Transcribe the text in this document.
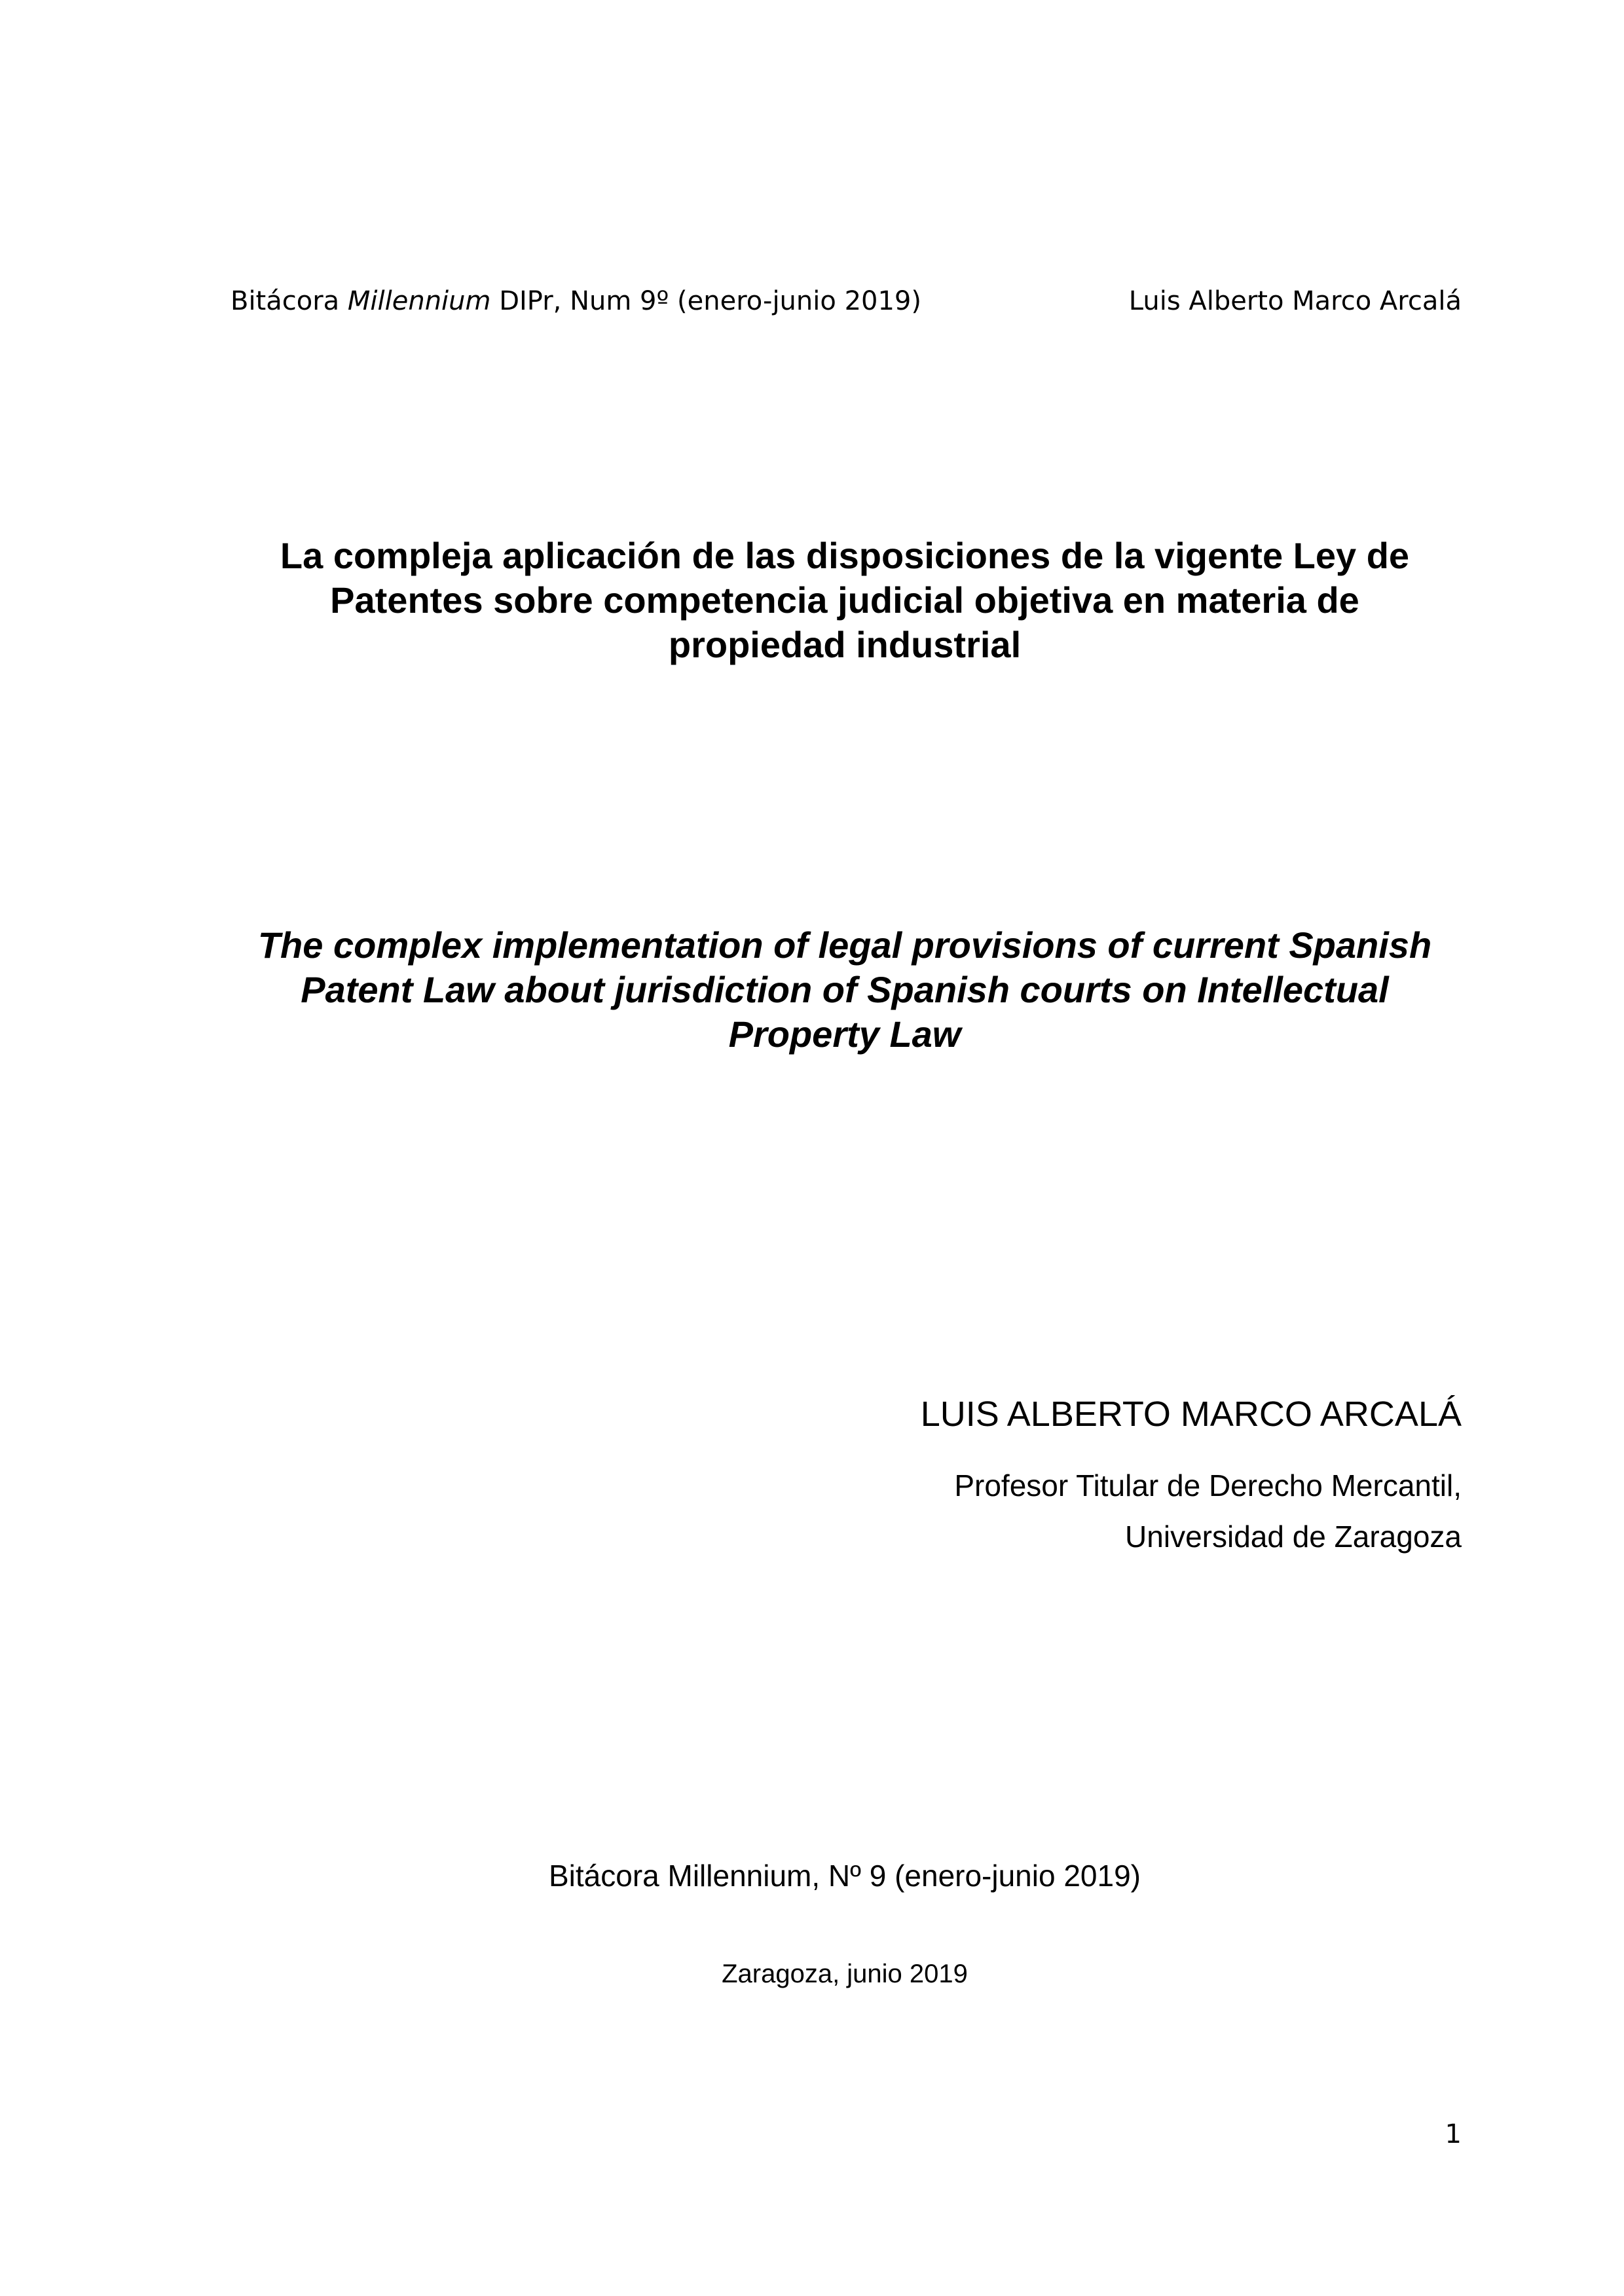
Bitácora Millennium DIPr, Num 9º (enero-junio 2019)	Luis Alberto Marco Arcalá
La compleja aplicación de las disposiciones de la vigente Ley de
Patentes sobre competencia judicial objetiva en materia de
propiedad industrial
The complex implementation of legal provisions of current Spanish
Patent Law about jurisdiction of Spanish courts on Intellectual
Property Law
LUIS ALBERTO MARCO ARCALÁ
Profesor Titular de Derecho Mercantil,
Universidad de Zaragoza
Bitácora Millennium, Nº 9 (enero-junio 2019)
Zaragoza, junio 2019
1
